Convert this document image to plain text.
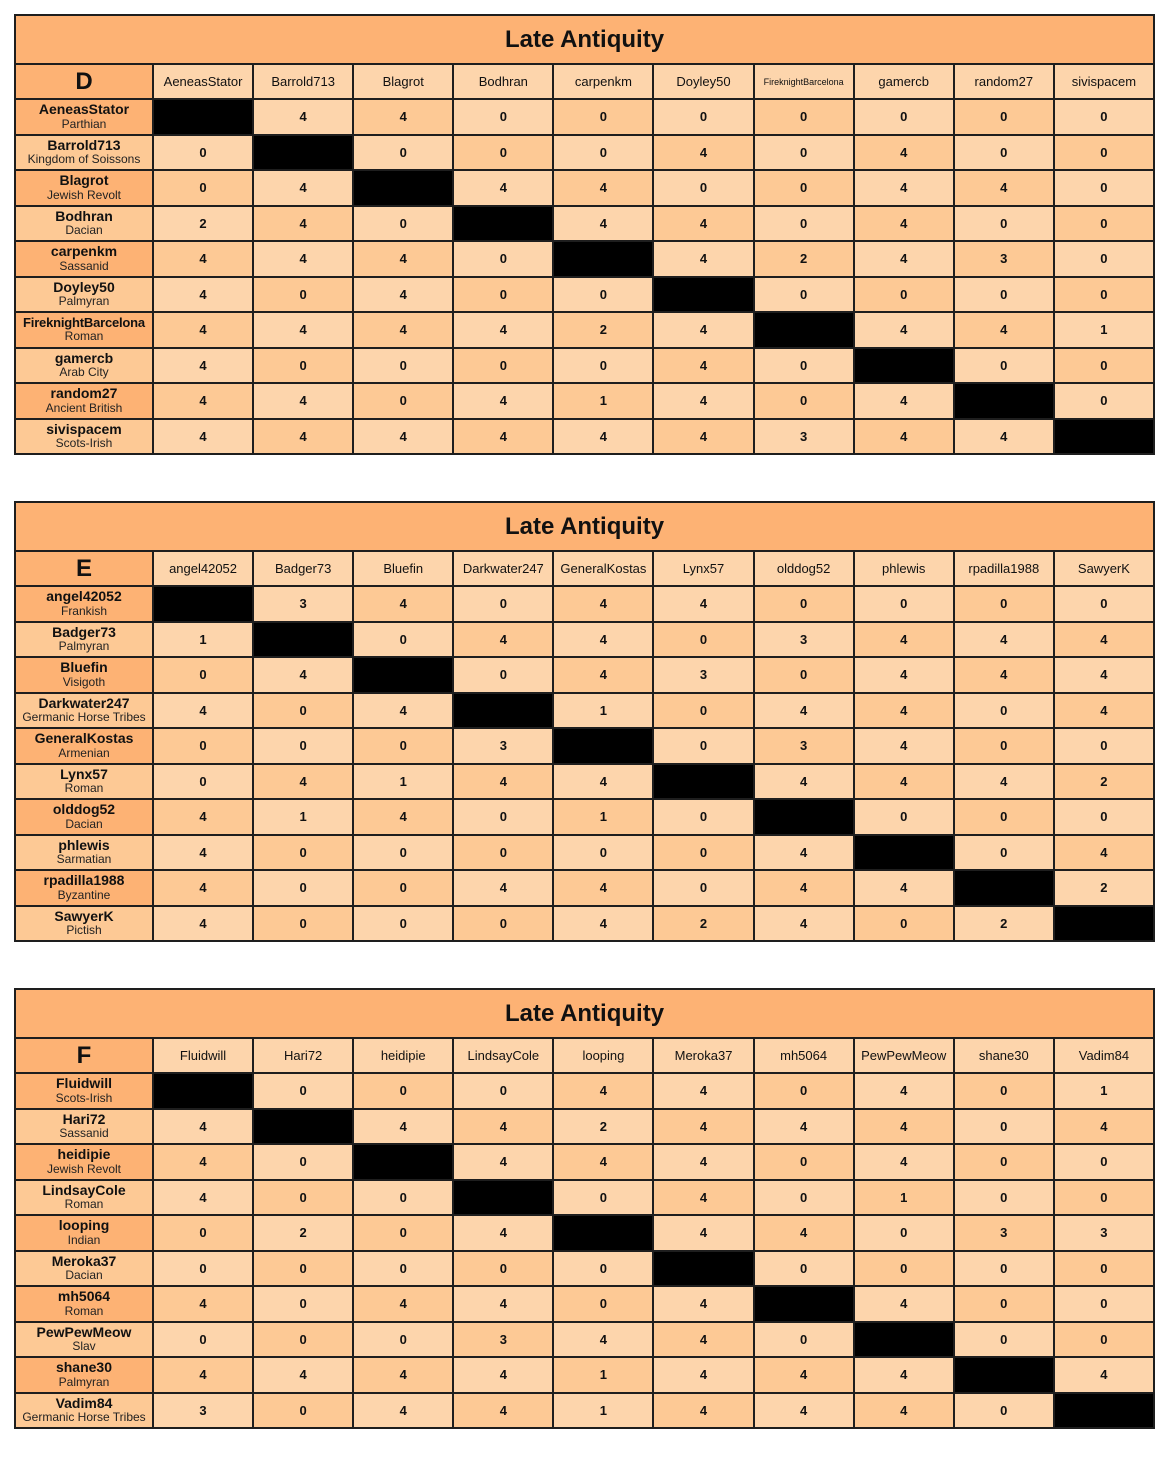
Late Antiquity										
D	AeneasStator	Barrold713	Blagrot	Bodhran	carpenkm	Doyley50	FireknightBarcelona	gamercb	random27	sivispacem

AeneasStator
Parthian		4	4	0	0	0	0	0	0	0

Barrold713
Kingdom of Soissons	0		0	0	0	4	0	4	0	0

Blagrot
Jewish Revolt	0	4		4	4	0	0	4	4	0

Bodhran
Dacian	2	4	0		4	4	0	4	0	0

carpenkm
Sassanid	4	4	4	0		4	2	4	3	0

Doyley50
Palmyran	4	0	4	0	0		0	0	0	0

FireknightBarcelona
Roman	4	4	4	4	2	4		4	4	1

gamercb
Arab City	4	0	0	0	0	4	0		0	0

random27
Ancient British	4	4	0	4	1	4	0	4		0

sivispacem
Scots-Irish	4	4	4	4	4	4	3	4	4	
Late Antiquity										
E	angel42052	Badger73	Bluefin	Darkwater247	GeneralKostas	Lynx57	olddog52	phlewis	rpadilla1988	SawyerK

angel42052
Frankish		3	4	0	4	4	0	0	0	0

Badger73
Palmyran	1		0	4	4	0	3	4	4	4

Bluefin
Visigoth	0	4		0	4	3	0	4	4	4

Darkwater247
Germanic Horse Tribes	4	0	4		1	0	4	4	0	4

GeneralKostas
Armenian	0	0	0	3		0	3	4	0	0

Lynx57
Roman	0	4	1	4	4		4	4	4	2

olddog52
Dacian	4	1	4	0	1	0		0	0	0

phlewis
Sarmatian	4	0	0	0	0	0	4		0	4

rpadilla1988
Byzantine	4	0	0	4	4	0	4	4		2

SawyerK
Pictish	4	0	0	0	4	2	4	0	2	
Late Antiquity										
F	Fluidwill	Hari72	heidipie	LindsayCole	looping	Meroka37	mh5064	PewPewMeow	shane30	Vadim84

Fluidwill
Scots-Irish		0	0	0	4	4	0	4	0	1

Hari72
Sassanid	4		4	4	2	4	4	4	0	4

heidipie
Jewish Revolt	4	0		4	4	4	0	4	0	0

LindsayCole
Roman	4	0	0		0	4	0	1	0	0

looping
Indian	0	2	0	4		4	4	0	3	3

Meroka37
Dacian	0	0	0	0	0		0	0	0	0

mh5064
Roman	4	0	4	4	0	4		4	0	0

PewPewMeow
Slav	0	0	0	3	4	4	0		0	0

shane30
Palmyran	4	4	4	4	1	4	4	4		4

Vadim84
Germanic Horse Tribes	3	0	4	4	1	4	4	4	0	
